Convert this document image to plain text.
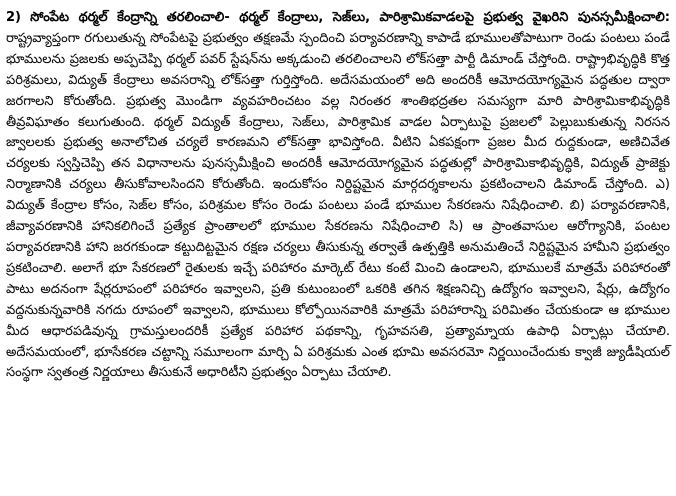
2) సోంపేట థర్మల్ కేంద్రాన్ని తరలించాలి- థర్మల్ కేంద్రాలు, సెజ్‌లు, పారిశ్రామికవాడలపై ప్రభుత్వ వైఖరిని పునస్సమీక్షించాలి: రాష్ట్రవ్యాప్తంగా రగులుతున్న సోంపేటపై ప్రభుత్వం తక్షణమే స్పందించి పర్యావరణాన్ని కాపాడే భూములతోపాటుగా రెండు పంటలు పండే భూములను ప్రజలకు అప్పచెప్పి థర్మల్ పవర్ స్టేషన్‌ను అక్కడుంచి తరలించాలని లోక్‌సత్తా పార్టీ డిమాండ్ చేస్తోంది. రాష్ట్రాభివృద్ధికి కొత్త పరిశ్రమలు, విద్యుత్ కేంద్రాలు అవసరాన్ని లోక్‌సత్తా గుర్తిస్తోంది. అదేసమయంలో అది అందరికీ ఆమోదయోగ్యమైన పద్ధతుల ద్వారా జరగాలని కోరుతోంది. ప్రభుత్వ మొండిగా వ్యవహరించటం వల్ల నిరంతర శాంతిభద్రతల సమస్యగా మారి పారిశ్రామికాభివృద్ధికి తీవ్రవిఘాతం కలుగుతుంది. థర్మల్ విద్యుత్ కేంద్రాలు, సెజ్‌లు, పారిశ్రామిక వాడల ఏర్పాటుపై ప్రజలలో పెల్లుబుకుతున్న నిరసన జ్వాలలకు ప్రభుత్వ అనాలోచిత చర్యలే కారణమని లోక్‌సత్తా భావిస్తోంది. వీటిని ఏకపక్షంగా ప్రజల మీద రుద్దకుండా, అణిచివేత చర్యలకు స్వస్తిచెప్పి తన విధానాలను పునస్సమీక్షించి అందరికీ ఆమోదయోగ్యమైన పద్ధతుల్లో పారిశ్రామికాభివృద్ధికి, విద్యుత్ ప్రాజెక్టు నిర్మాణానికి చర్యలు తీసుకోవాలసిందని కోరుతోంది. ఇందుకోసం నిర్దిష్టమైన మార్గదర్శకాలను ప్రకటించాలని డిమాండ్ చేస్తోంది. ఎ) విద్యుత్ కేంద్రాల కోసం, సెజ్‌ల కోసం, పరిశ్రమల కోసం రెండు పంటలు పండే భూముల సేకరణను నిషేధించాలి. బి) పర్యావరణానికి, జీవ్యావరణానికి హానికలిగించే ప్రత్యేక ప్రాంతాలలో భూముల సేకరణను నిషేధించాలి సి) ఆ ప్రాంతవాసుల ఆరోగ్యానికి, పంటల పర్యావరణానికి హాని జరగకుండా కట్టుదిట్టమైన రక్షణ చర్యలు తీసుకున్న తర్వాతే ఉత్పత్తికి అనుమతించే నిర్దిష్టమైన హామీని ప్రభుత్వం ప్రకటించాలి. అలాగే భూ సేకరణలో రైతులకు ఇచ్చే పరిహారం మార్కెట్ రేటు కంటే మించి ఉండాలని, భూములకే మాత్రమే పరిహారంతో పాటు అదనంగా షేర్లరూపంలో పరిహారం ఇవ్వాలని, ప్రతి కుటుంబంలో ఒకరికి తగిన శిక్షణనిచ్చి ఉద్యోగం ఇవ్వాలని, షేర్లు, ఉద్యోగం వద్దనుకున్నవారికి నగదు రూపంలో ఇవ్వాలని, భూములు కోల్పోయినవారికి మాత్రమే పరిహారాన్ని పరిమితం చేయకుండా ఆ భూముల మీద ఆధారపడివున్న గ్రామస్తులందరికీ ప్రత్యేక పరిహార పథకాన్ని, గృహవసతి, ప్రత్యామ్నాయ ఉపాధి ఏర్పాట్లు చేయాలి. అదేసమయంలో, భూసేకరణ చట్టాన్ని సమూలంగా మార్చి ఏ పరిశ్రమకు ఎంత భూమి అవసరమో నిర్ణయించేందుకు క్వాజీ జ్యుడీషియల్ సంస్థగా స్వతంత్ర నిర్ణయాలు తీసుకునే అధారిటీని ప్రభుత్వం ఏర్పాటు చేయాలి.
